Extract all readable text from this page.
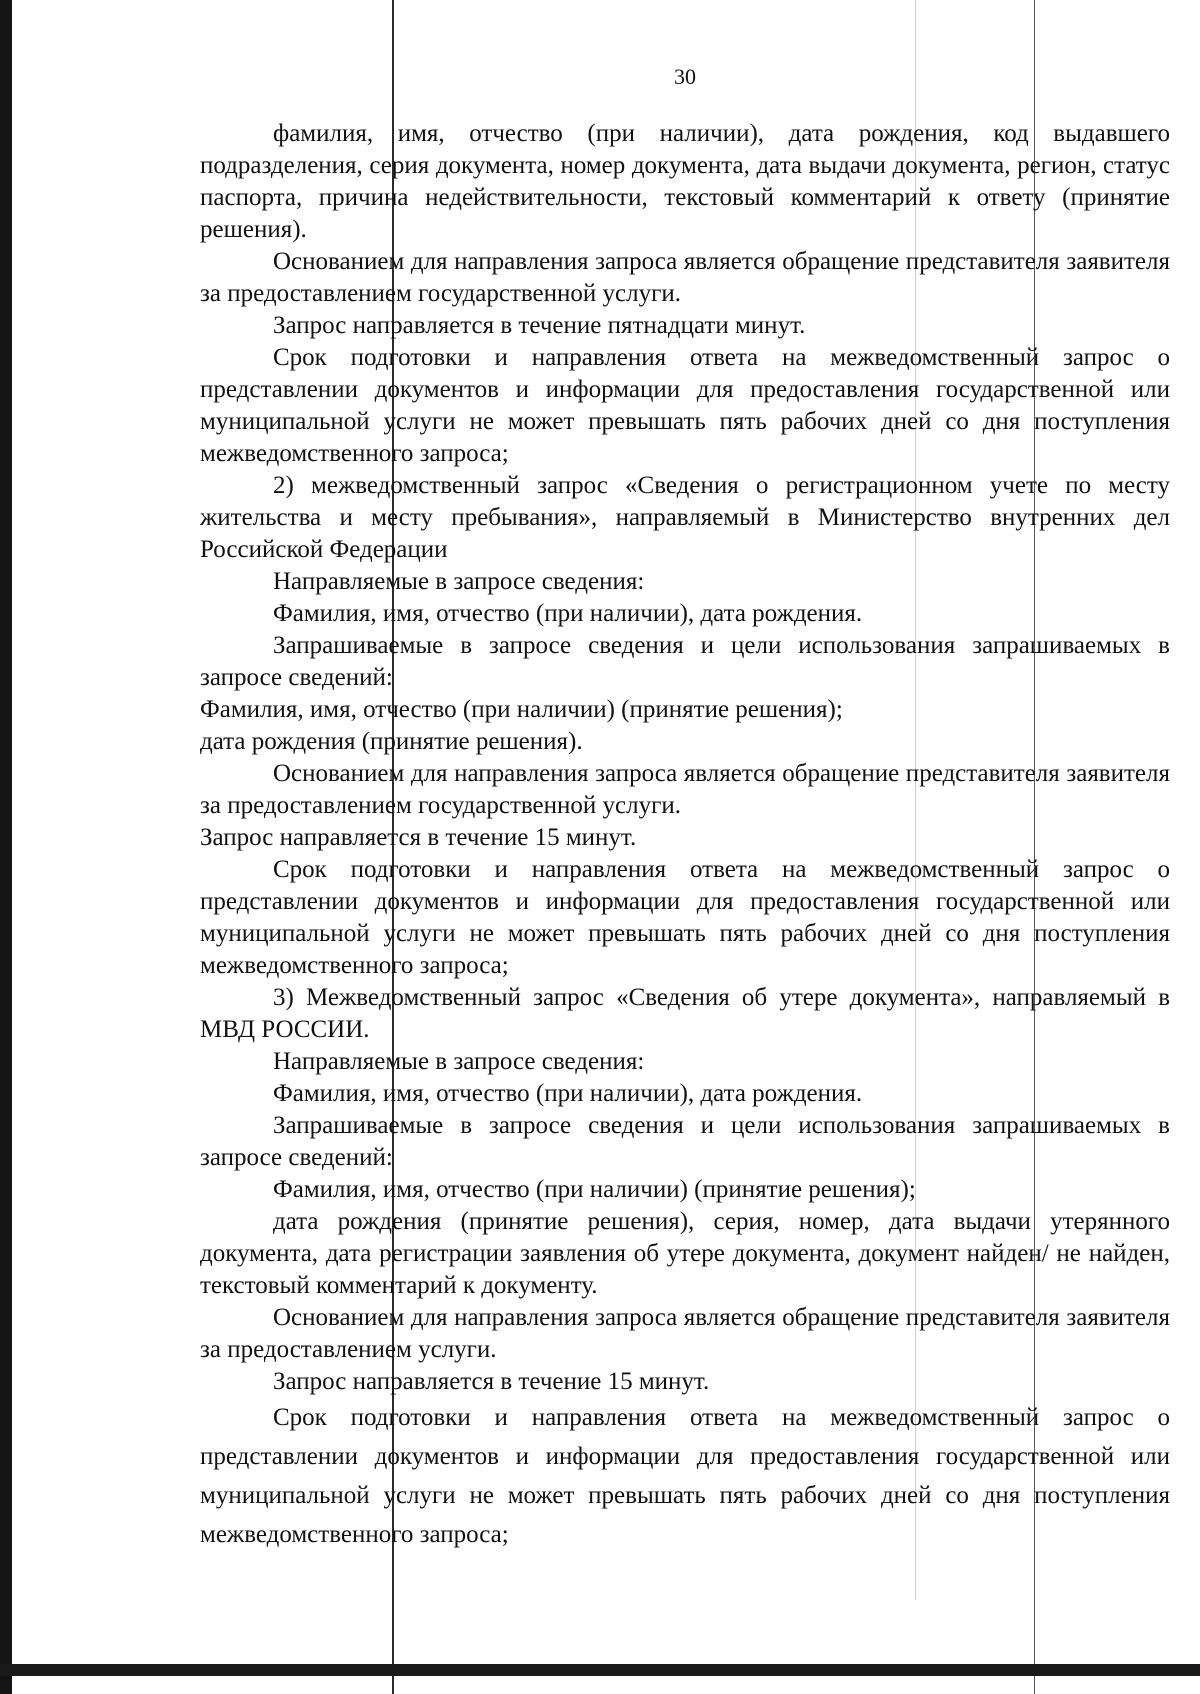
30

фамилия, имя, отчество (при наличии), дата рождения, код выдавшего подразделения, серия документа, номер документа, дата выдачи документа, регион, статус паспорта, причина недействительности, текстовый комментарий к ответу (принятие решения).

Основанием для направления запроса является обращение представителя заявителя за предоставлением государственной услуги.

Запрос направляется в течение пятнадцати минут.

Срок подготовки и направления ответа на межведомственный запрос о представлении документов и информации для предоставления государственной или муниципальной услуги не может превышать пять рабочих дней со дня поступления межведомственного запроса;

2) межведомственный запрос «Сведения о регистрационном учете по месту жительства и месту пребывания», направляемый в Министерство внутренних дел Российской Федерации

Направляемые в запросе сведения:

Фамилия, имя, отчество (при наличии), дата рождения.

Запрашиваемые в запросе сведения и цели использования запрашиваемых в запросе сведений:

Фамилия, имя, отчество (при наличии) (принятие решения);

дата рождения (принятие решения).

Основанием для направления запроса является обращение представителя заявителя за предоставлением государственной услуги.

Запрос направляется в течение 15 минут.

Срок подготовки и направления ответа на межведомственный запрос о представлении документов и информации для предоставления государственной или муниципальной услуги не может превышать пять рабочих дней со дня поступления межведомственного запроса;

3) Межведомственный запрос «Сведения об утере документа», направляемый в МВД РОССИИ.

Направляемые в запросе сведения:

Фамилия, имя, отчество (при наличии), дата рождения.

Запрашиваемые в запросе сведения и цели использования запрашиваемых в запросе сведений:

Фамилия, имя, отчество (при наличии) (принятие решения);

дата рождения (принятие решения), серия, номер, дата выдачи утерянного документа, дата регистрации заявления об утере документа, документ найден/ не найден, текстовый комментарий к документу.

Основанием для направления запроса является обращение представителя заявителя за предоставлением услуги.

Запрос направляется в течение 15 минут.

Срок подготовки и направления ответа на межведомственный запрос о представлении документов и информации для предоставления государственной или муниципальной услуги не может превышать пять рабочих дней со дня поступления межведомственного запроса;
